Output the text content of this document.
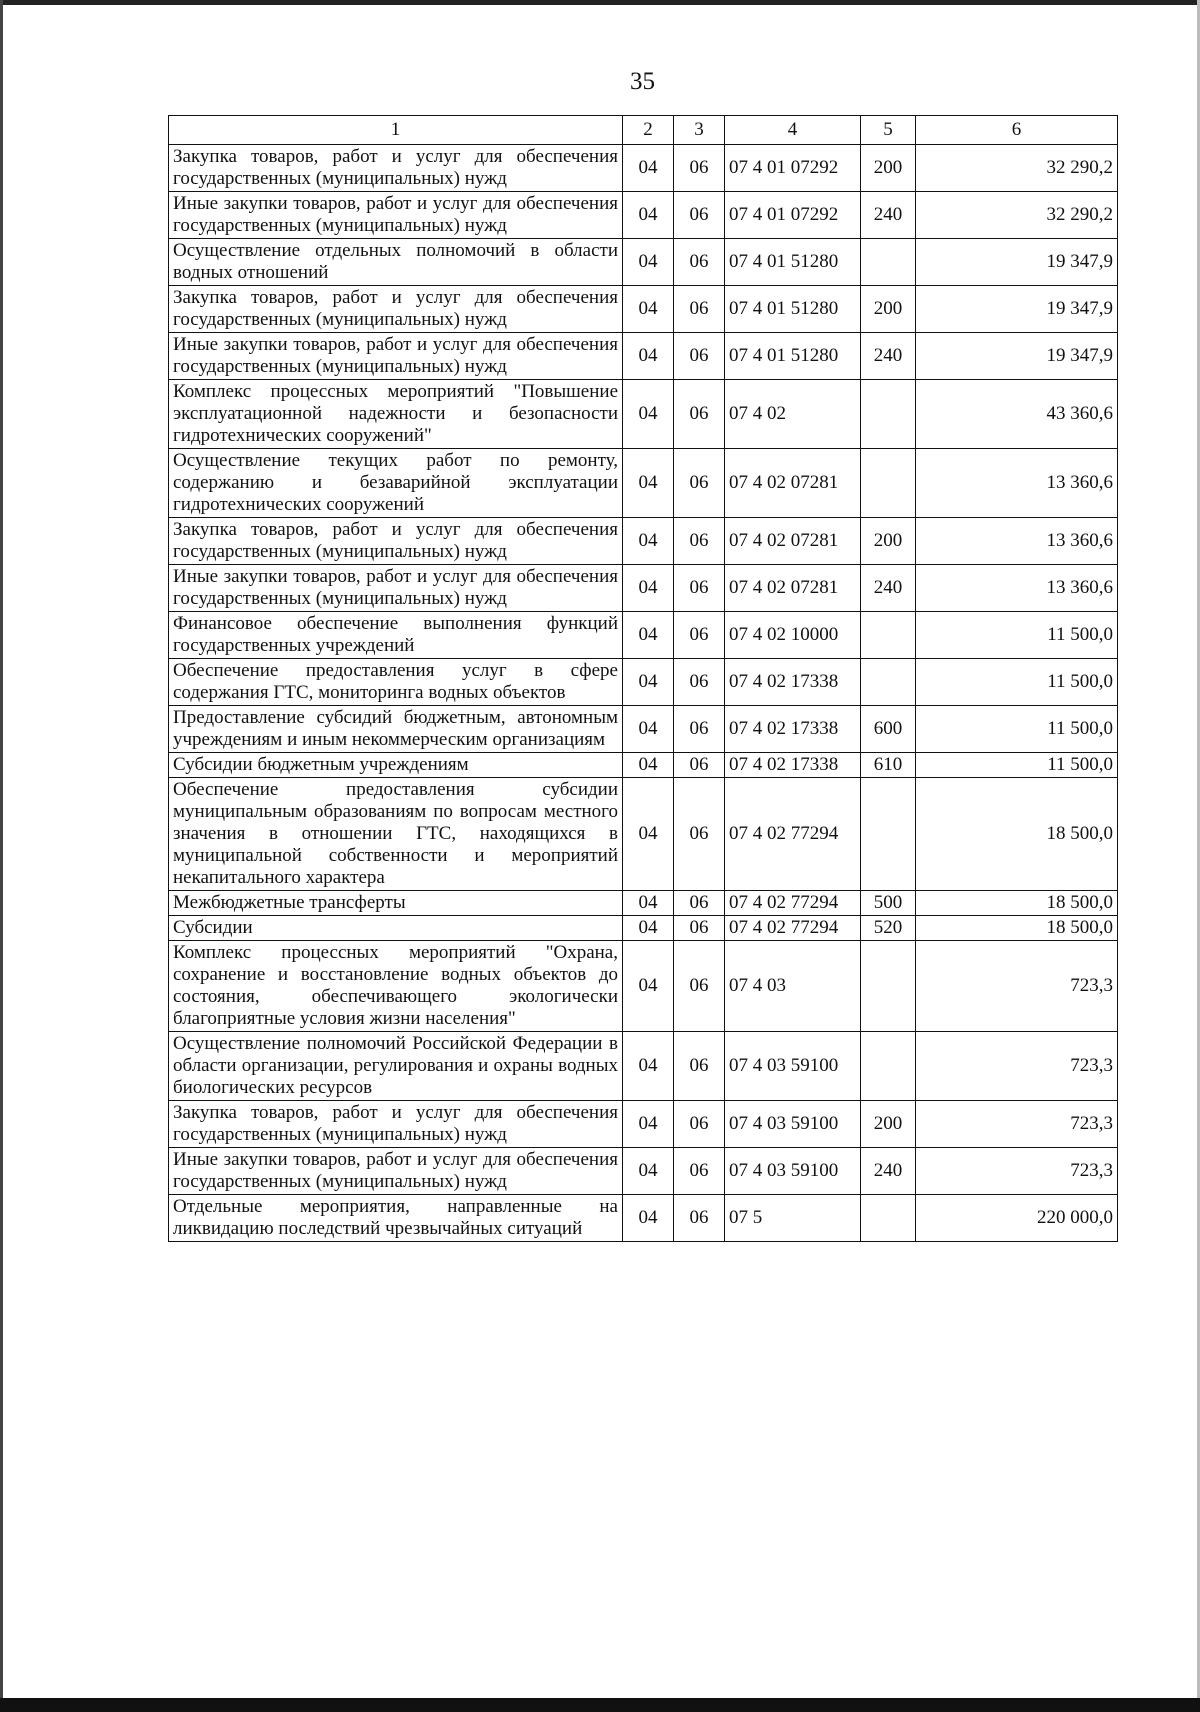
35
1	2	3	4	5	6
Закупка товаров, работ и услуг для обеспечения государственных (муниципальных) нужд	04	06	07 4 01 07292	200	32 290,2
Иные закупки товаров, работ и услуг для обеспечения государственных (муниципальных) нужд	04	06	07 4 01 07292	240	32 290,2
Осуществление отдельных полномочий в области водных отношений	04	06	07 4 01 51280		19 347,9
Закупка товаров, работ и услуг для обеспечения государственных (муниципальных) нужд	04	06	07 4 01 51280	200	19 347,9
Иные закупки товаров, работ и услуг для обеспечения государственных (муниципальных) нужд	04	06	07 4 01 51280	240	19 347,9
Комплекс процессных мероприятий "Повышение эксплуатационной надежности и безопасности гидротехнических сооружений"	04	06	07 4 02		43 360,6
Осуществление текущих работ по ремонту, содержанию и безаварийной эксплуатации гидротехнических сооружений	04	06	07 4 02 07281		13 360,6
Закупка товаров, работ и услуг для обеспечения государственных (муниципальных) нужд	04	06	07 4 02 07281	200	13 360,6
Иные закупки товаров, работ и услуг для обеспечения государственных (муниципальных) нужд	04	06	07 4 02 07281	240	13 360,6
Финансовое обеспечение выполнения функций государственных учреждений	04	06	07 4 02 10000		11 500,0
Обеспечение предоставления услуг в сфере содержания ГТС, мониторинга водных объектов	04	06	07 4 02 17338		11 500,0
Предоставление субсидий бюджетным, автономным учреждениям и иным некоммерческим организациям	04	06	07 4 02 17338	600	11 500,0
Субсидии бюджетным учреждениям	04	06	07 4 02 17338	610	11 500,0
Обеспечение предоставления субсидии муниципальным образованиям по вопросам местного значения в отношении ГТС, находящихся в муниципальной собственности и мероприятий некапитального характера	04	06	07 4 02 77294		18 500,0
Межбюджетные трансферты	04	06	07 4 02 77294	500	18 500,0
Субсидии	04	06	07 4 02 77294	520	18 500,0
Комплекс процессных мероприятий "Охрана, сохранение и восстановление водных объектов до состояния, обеспечивающего экологически благоприятные условия жизни населения"	04	06	07 4 03		723,3
Осуществление полномочий Российской Федерации в области организации, регулирования и охраны водных биологических ресурсов	04	06	07 4 03 59100		723,3
Закупка товаров, работ и услуг для обеспечения государственных (муниципальных) нужд	04	06	07 4 03 59100	200	723,3
Иные закупки товаров, работ и услуг для обеспечения государственных (муниципальных) нужд	04	06	07 4 03 59100	240	723,3
Отдельные мероприятия, направленные на ликвидацию последствий чрезвычайных ситуаций	04	06	07 5		220 000,0
